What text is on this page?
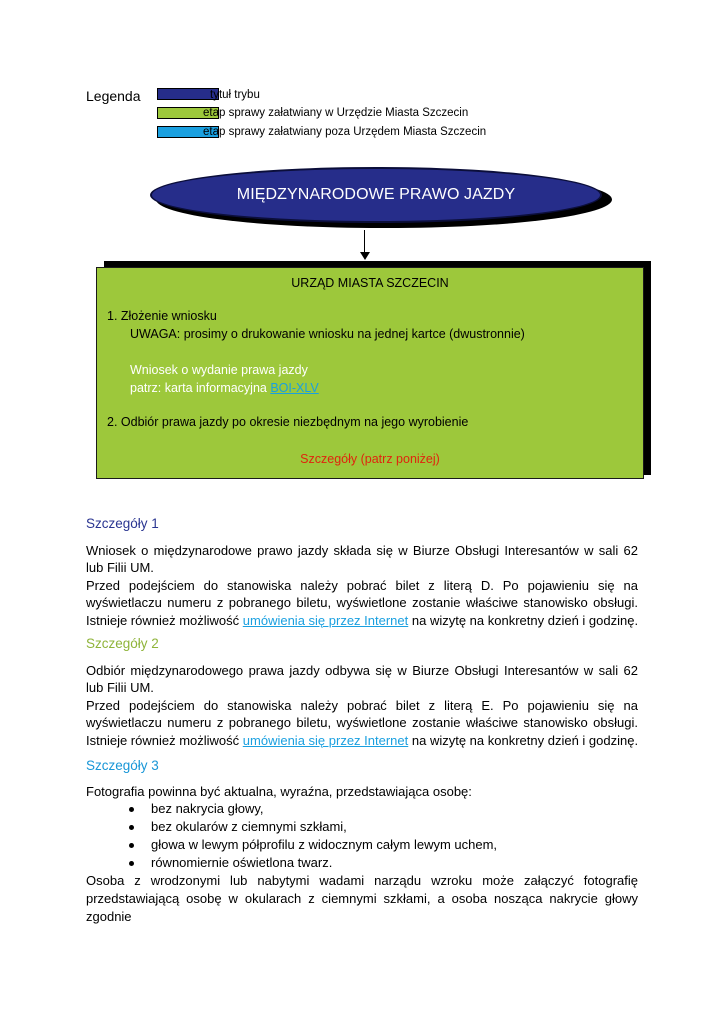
Legenda	tytuł trybu
etap sprawy załatwiany w Urzędzie Miasta Szczecin
etap sprawy załatwiany poza Urzędem Miasta Szczecin
MIĘDZYNARODOWE PRAWO JAZDY
URZĄD MIASTA SZCZECIN
1. Złożenie wniosku
UWAGA: prosimy o drukowanie wniosku na jednej kartce (dwustronnie)
Wniosek o wydanie prawa jazdy
patrz: karta informacyjna BOI-XLV
2. Odbiór prawa jazdy po okresie niezbędnym na jego wyrobienie
Szczegóły (patrz poniżej)
Szczegóły 1
Wniosek o międzynarodowe prawo jazdy składa się w Biurze Obsługi Interesantów w sali 62
lub Filii UM.
Przed podejściem do stanowiska należy pobrać bilet z literą D. Po pojawieniu się na
wyświetlaczu numeru z pobranego biletu, wyświetlone zostanie właściwe stanowisko obsługi.
Istnieje również możliwość umówienia się przez Internet na wizytę na konkretny dzień i godzinę.
Szczegóły 2
Odbiór międzynarodowego prawa jazdy odbywa się w Biurze Obsługi Interesantów w sali 62
lub Filii UM.
Przed podejściem do stanowiska należy pobrać bilet z literą E. Po pojawieniu się na
wyświetlaczu numeru z pobranego biletu, wyświetlone zostanie właściwe stanowisko obsługi.
Istnieje również możliwość umówienia się przez Internet na wizytę na konkretny dzień i godzinę.
Szczegóły 3
Fotografia powinna być aktualna, wyraźna, przedstawiająca osobę:
bez nakrycia głowy,
bez okularów z ciemnymi szkłami,
głowa w lewym półprofilu z widocznym całym lewym uchem,
równomiernie oświetlona twarz.
Osoba z wrodzonymi lub nabytymi wadami narządu wzroku może załączyć fotografię
przedstawiającą osobę w okularach z ciemnymi szkłami, a osoba nosząca nakrycie głowy
zgodnie
